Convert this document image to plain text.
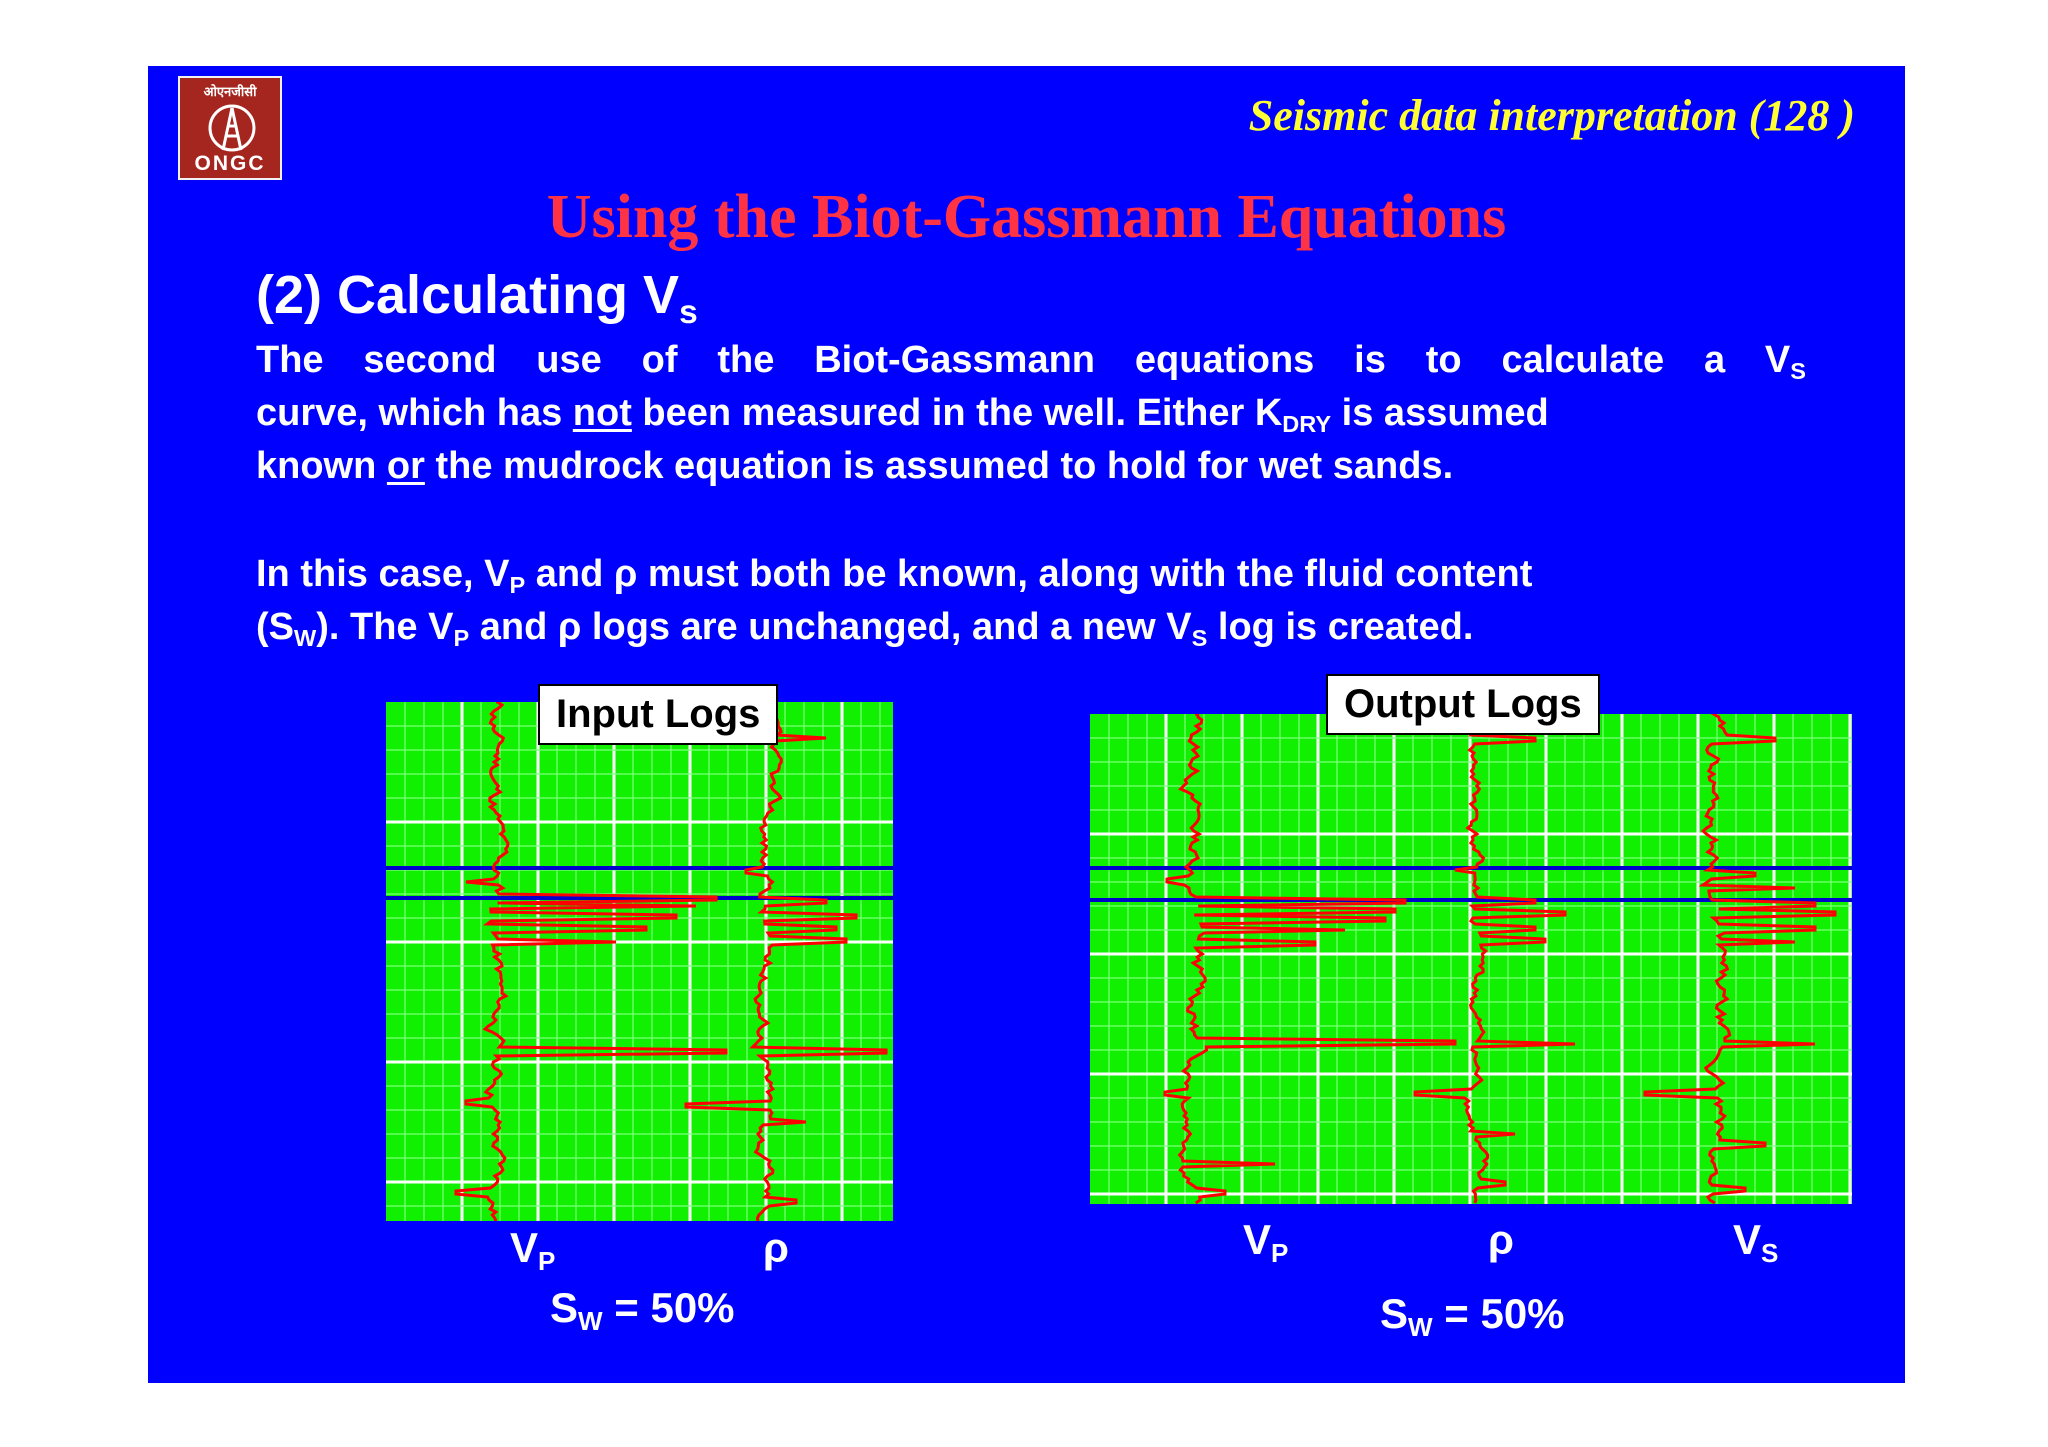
ओएनजीसी
ONGC
Seismic data interpretation (128 )
Using the Biot-Gassmann Equations
(2) Calculating $V_s$
The second use of the Biot-Gassmann equations is to calculate a $V_S$
curve, which has not been measured in the well. Either $K_{DRY}$ is assumed
known or the mudrock equation is assumed to hold for wet sands.
In this case, $V_P$ and ρ must both be known, along with the fluid content
$(S_W)$. The $V_P$ and ρ logs are unchanged, and a new $V_S$ log is created.
Input Logs	Output Logs
$V_P$	ρ
$S_W = 50\%$
$V_P$	ρ	$V_S$
$S_W = 50\%$
